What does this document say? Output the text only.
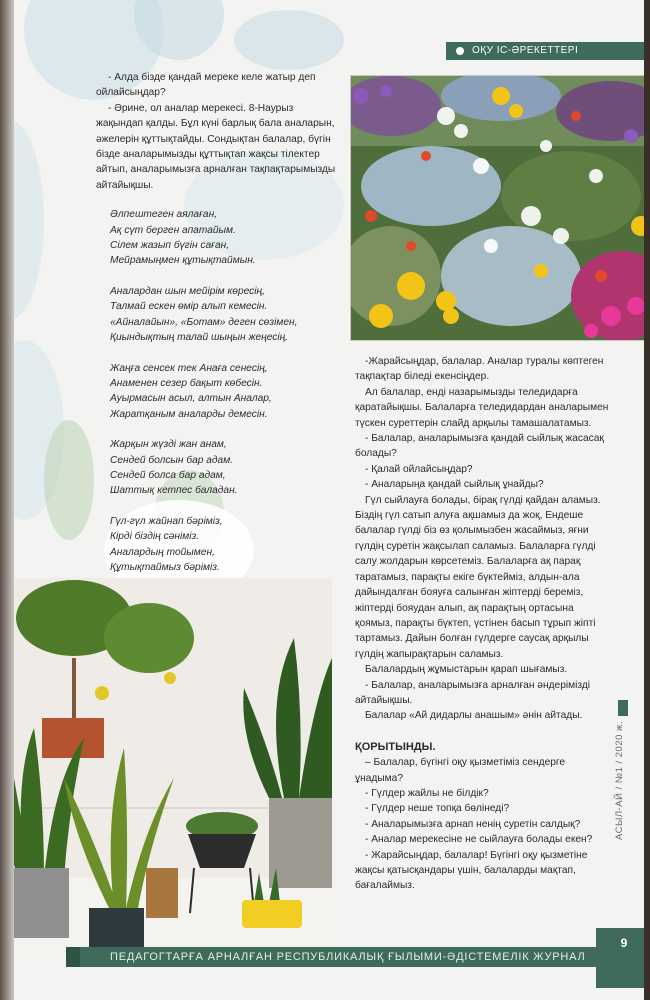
ОҚУ ІС-ӘРЕКЕТТЕРІ

- Алда бізде қандай мереке келе жатыр деп ойлайсыңдар?

- Әрине, ол аналар мерекесі. 8-Наурыз жақындап қалды. Бұл күні барлық бала аналарын, әжелерін құттықтайды. Сондықтан балалар, бүгін бізде аналарымызды құттықтап жақсы тілектер айтып, аналарымызға арналған тақпақтарымызды айтайықшы.

Әлпештеген аялаған,
Ақ сүт берген апатайым.
Сілем жазып бүгін саған,
Мейрамыңмен құтықтаймын.
Аналардан шын мейірім көресің,
Талмай ескен өмір алып кемесін.
«Айналайын», «Ботам» деген сөзімен,
Қиындықтың талай шыңын жеңесің.
Жаңға сенсек тек Анаға сенесің,
Анаменен сезер бақыт көбесін.
Ауырмасын асыл, алтын Аналар,
Жаратқаным аналарды демесін.
Жарқын жүзді жан анам,
Сендей болсын бар адам.
Сендей болса бар адам,
Шаттық кетпес баладан.
Гүл-гүл жайнап бәріміз,
Кірді біздің сәніміз.
Аналардың тойымен,
Құтықтаймыз бәріміз.

-Жарайсыңдар, балалар. Аналар туралы көптеген тақпақтар біледі екенсіңдер.

Ал балалар, енді назарымызды теледидарға қаратайықшы. Балаларға теледидардан аналарымен түскен суреттерін слайд арқылы тамашалатамыз.

- Балалар, аналарымызға қандай сыйлық жасасақ болады?

- Қалай ойлайсыңдар?

- Аналарыңа қандай сыйлық ұнайды?

Гүл сыйлауға болады, бірақ гүлді қайдан аламыз. Біздің гүл сатып алуға ақшамыз да жоқ, Ендеше балалар гүлді біз өз қолымызбен жасаймыз, яғни гүлдің суретін жақсылап саламыз. Балаларға гүлді салу жолдарын көрсетеміз. Балаларға ақ парақ таратамыз, парақты екіге бүктейміз, алдын-ала дайындалған бояуға салынған жіптерді береміз, жіптерді бояудан алып, ақ парақтың ортасына қоямыз, парақты бүктеп, үстінен басып тұрып жіпті тартамыз. Дайын болған гүлдерге саусақ арқылы гүлдің жапырақтарын саламыз.

Балалардың жұмыстарын қарап шығамыз.

- Балалар, аналарымызға арналған әндерімізді айтайықшы.

Балалар «Ай дидарлы анашым» әнін айтады.

ҚОРЫТЫНДЫ.

– Балалар, бүгінгі оқу қызметіміз сендерге ұнадыма?

- Гүлдер жайлы не білдік?

- Гүлдер неше топқа бөлінеді?

- Аналарымызға арнап ненің суретін салдық?

- Аналар мерекесіне не сыйлауға болады екен?

- Жарайсыңдар, балалар! Бүгінгі оқу қызметіне жақсы қатысқандары үшін, балаларды мақтап, бағалаймыз.

АСЫЛ-АЙ / №1 / 2020 ж.
ПЕДАГОГТАРҒА АРНАЛҒАН РЕСПУБЛИКАЛЫҚ ҒЫЛЫМИ-ӘДІСТЕМЕЛІК ЖУРНАЛ
9
